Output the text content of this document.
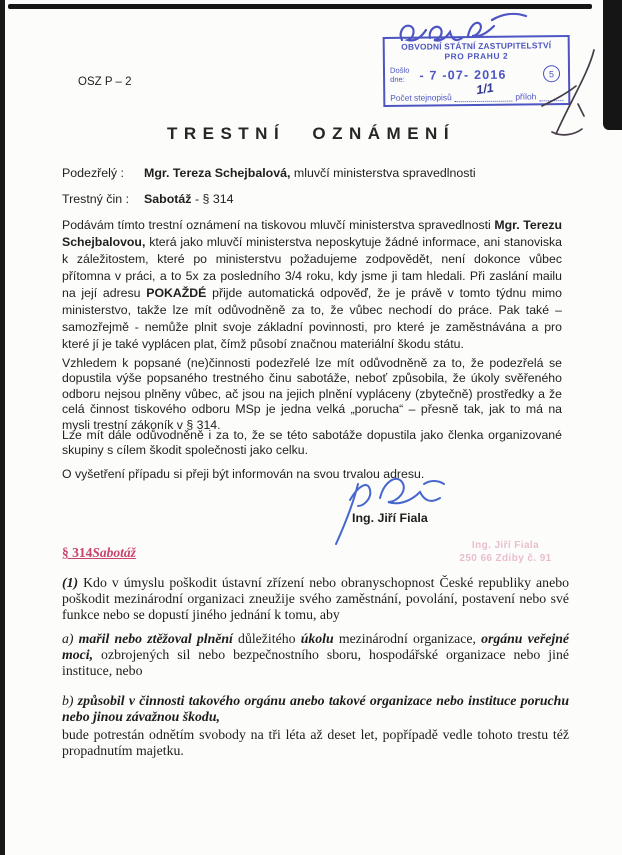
OSZ P – 2
TRESTNÍ OZNÁMENÍ
OBVODNÍ STÁTNÍ ZASTUPITELSTVÍ
PRO PRAHU 2
Došlo
dne:	- 7 -07- 2016	5
Počet stejnopisů
1/1 příloh
Podezřelý : Mgr. Tereza Schejbalová, mluvčí ministerstva spravedlnosti
Trestný čin : Sabotáž - § 314
Podávám tímto trestní oznámení na tiskovou mluvčí ministerstva spravedlnosti Mgr. Terezu Schejbalovou, která jako mluvčí ministerstva neposkytuje žádné informace, ani stanoviska k záležitostem, které po ministerstvu požadujeme zodpovědět, není dokonce vůbec přítomna v práci, a to 5x za posledního 3/4 roku, kdy jsme ji tam hledali. Při zaslání mailu na její adresu POKAŽDÉ přijde automatická odpověď, že je právě v tomto týdnu mimo ministerstvo, takže lze mít odůvodněně za to, že vůbec nechodí do práce. Pak také – samozřejmě - nemůže plnit svoje základní povinnosti, pro které je zaměstnávána a pro které jí je také vyplácen plat, čímž působí značnou materiální škodu státu.
Vzhledem k popsané (ne)činnosti podezřelé lze mít odůvodněně za to, že podezřelá se dopustila výše popsaného trestného činu sabotáže, neboť způsobila, že úkoly svěřeného odboru nejsou plněny vůbec, ač jsou na jejich plnění vypláceny (zbytečně) prostředky a že celá činnost tiskového odboru MSp je jedna velká „porucha“ – přesně tak, jak to má na mysli trestní zákoník v § 314.
Lze mít dále odůvodněně i za to, že se této sabotáže dopustila jako členka organizované skupiny s cílem škodit společnosti jako celku.
O vyšetření případu si přeji být informován na svou trvalou adresu.
Ing. Jiří Fiala
Ing. Jiří Fiala
250 66 Zdiby č. 91
§ 314Sabotáž
(1) Kdo v úmyslu poškodit ústavní zřízení nebo obranyschopnost České republiky anebo poškodit mezinárodní organizaci zneužije svého zaměstnání, povolání, postavení nebo své funkce nebo se dopustí jiného jednání k tomu, aby
a) mařil nebo ztěžoval plnění důležitého úkolu mezinárodní organizace, orgánu veřejné moci, ozbrojených sil nebo bezpečnostního sboru, hospodářské organizace nebo jiné instituce, nebo
b) způsobil v činnosti takového orgánu anebo takové organizace nebo instituce poruchu nebo jinou závažnou škodu,
bude potrestán odnětím svobody na tři léta až deset let, popřípadě vedle tohoto trestu též propadnutím majetku.
